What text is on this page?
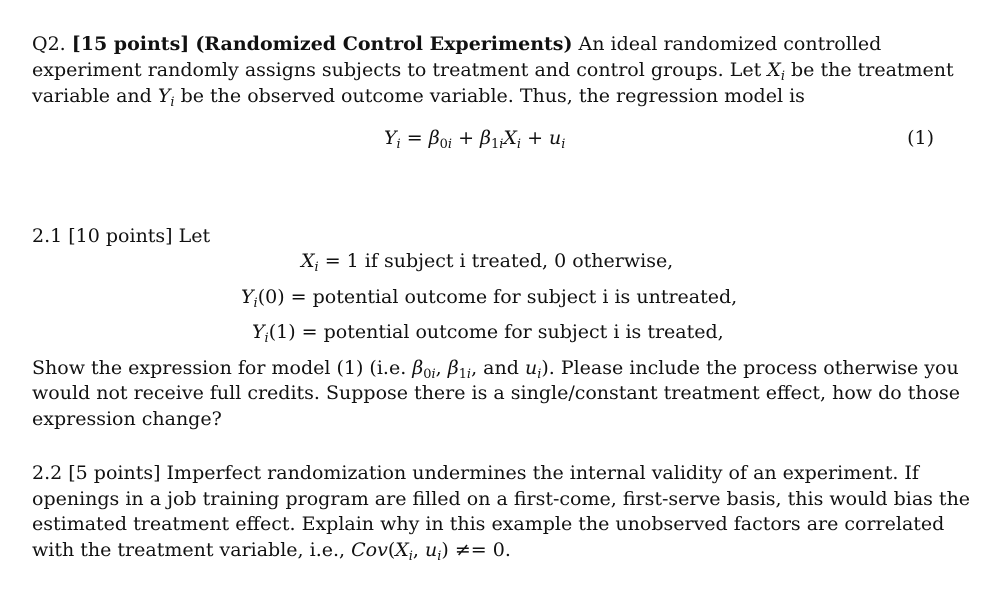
Q2. [15 points] (Randomized Control Experiments) An ideal randomized controlled
experiment randomly assigns subjects to treatment and control groups. Let $X_i$ be the treatment
variable and $Y_i$ be the observed outcome variable. Thus, the regression model is
$Y_i = \beta_{0i} + \beta_{1i}X_i + u_i$	(1)
2.1 [10 points] Let
$X_i = 1$ if subject i treated, 0 otherwise,
$Y_i(0)$ = potential outcome for subject i is untreated,
$Y_i(1)$ = potential outcome for subject i is treated,
Show the expression for model (1) (i.e. $\beta_{0i}$, $\beta_{1i}$, and $u_i$). Please include the process otherwise you
would not receive full credits. Suppose there is a single/constant treatment effect, how do those
expression change?
2.2 [5 points] Imperfect randomization undermines the internal validity of an experiment. If
openings in a job training program are filled on a first-come, first-serve basis, this would bias the
estimated treatment effect. Explain why in this example the unobserved factors are correlated
with the treatment variable, i.e., $Cov(X_i$, $u_i) \ne= 0$.
